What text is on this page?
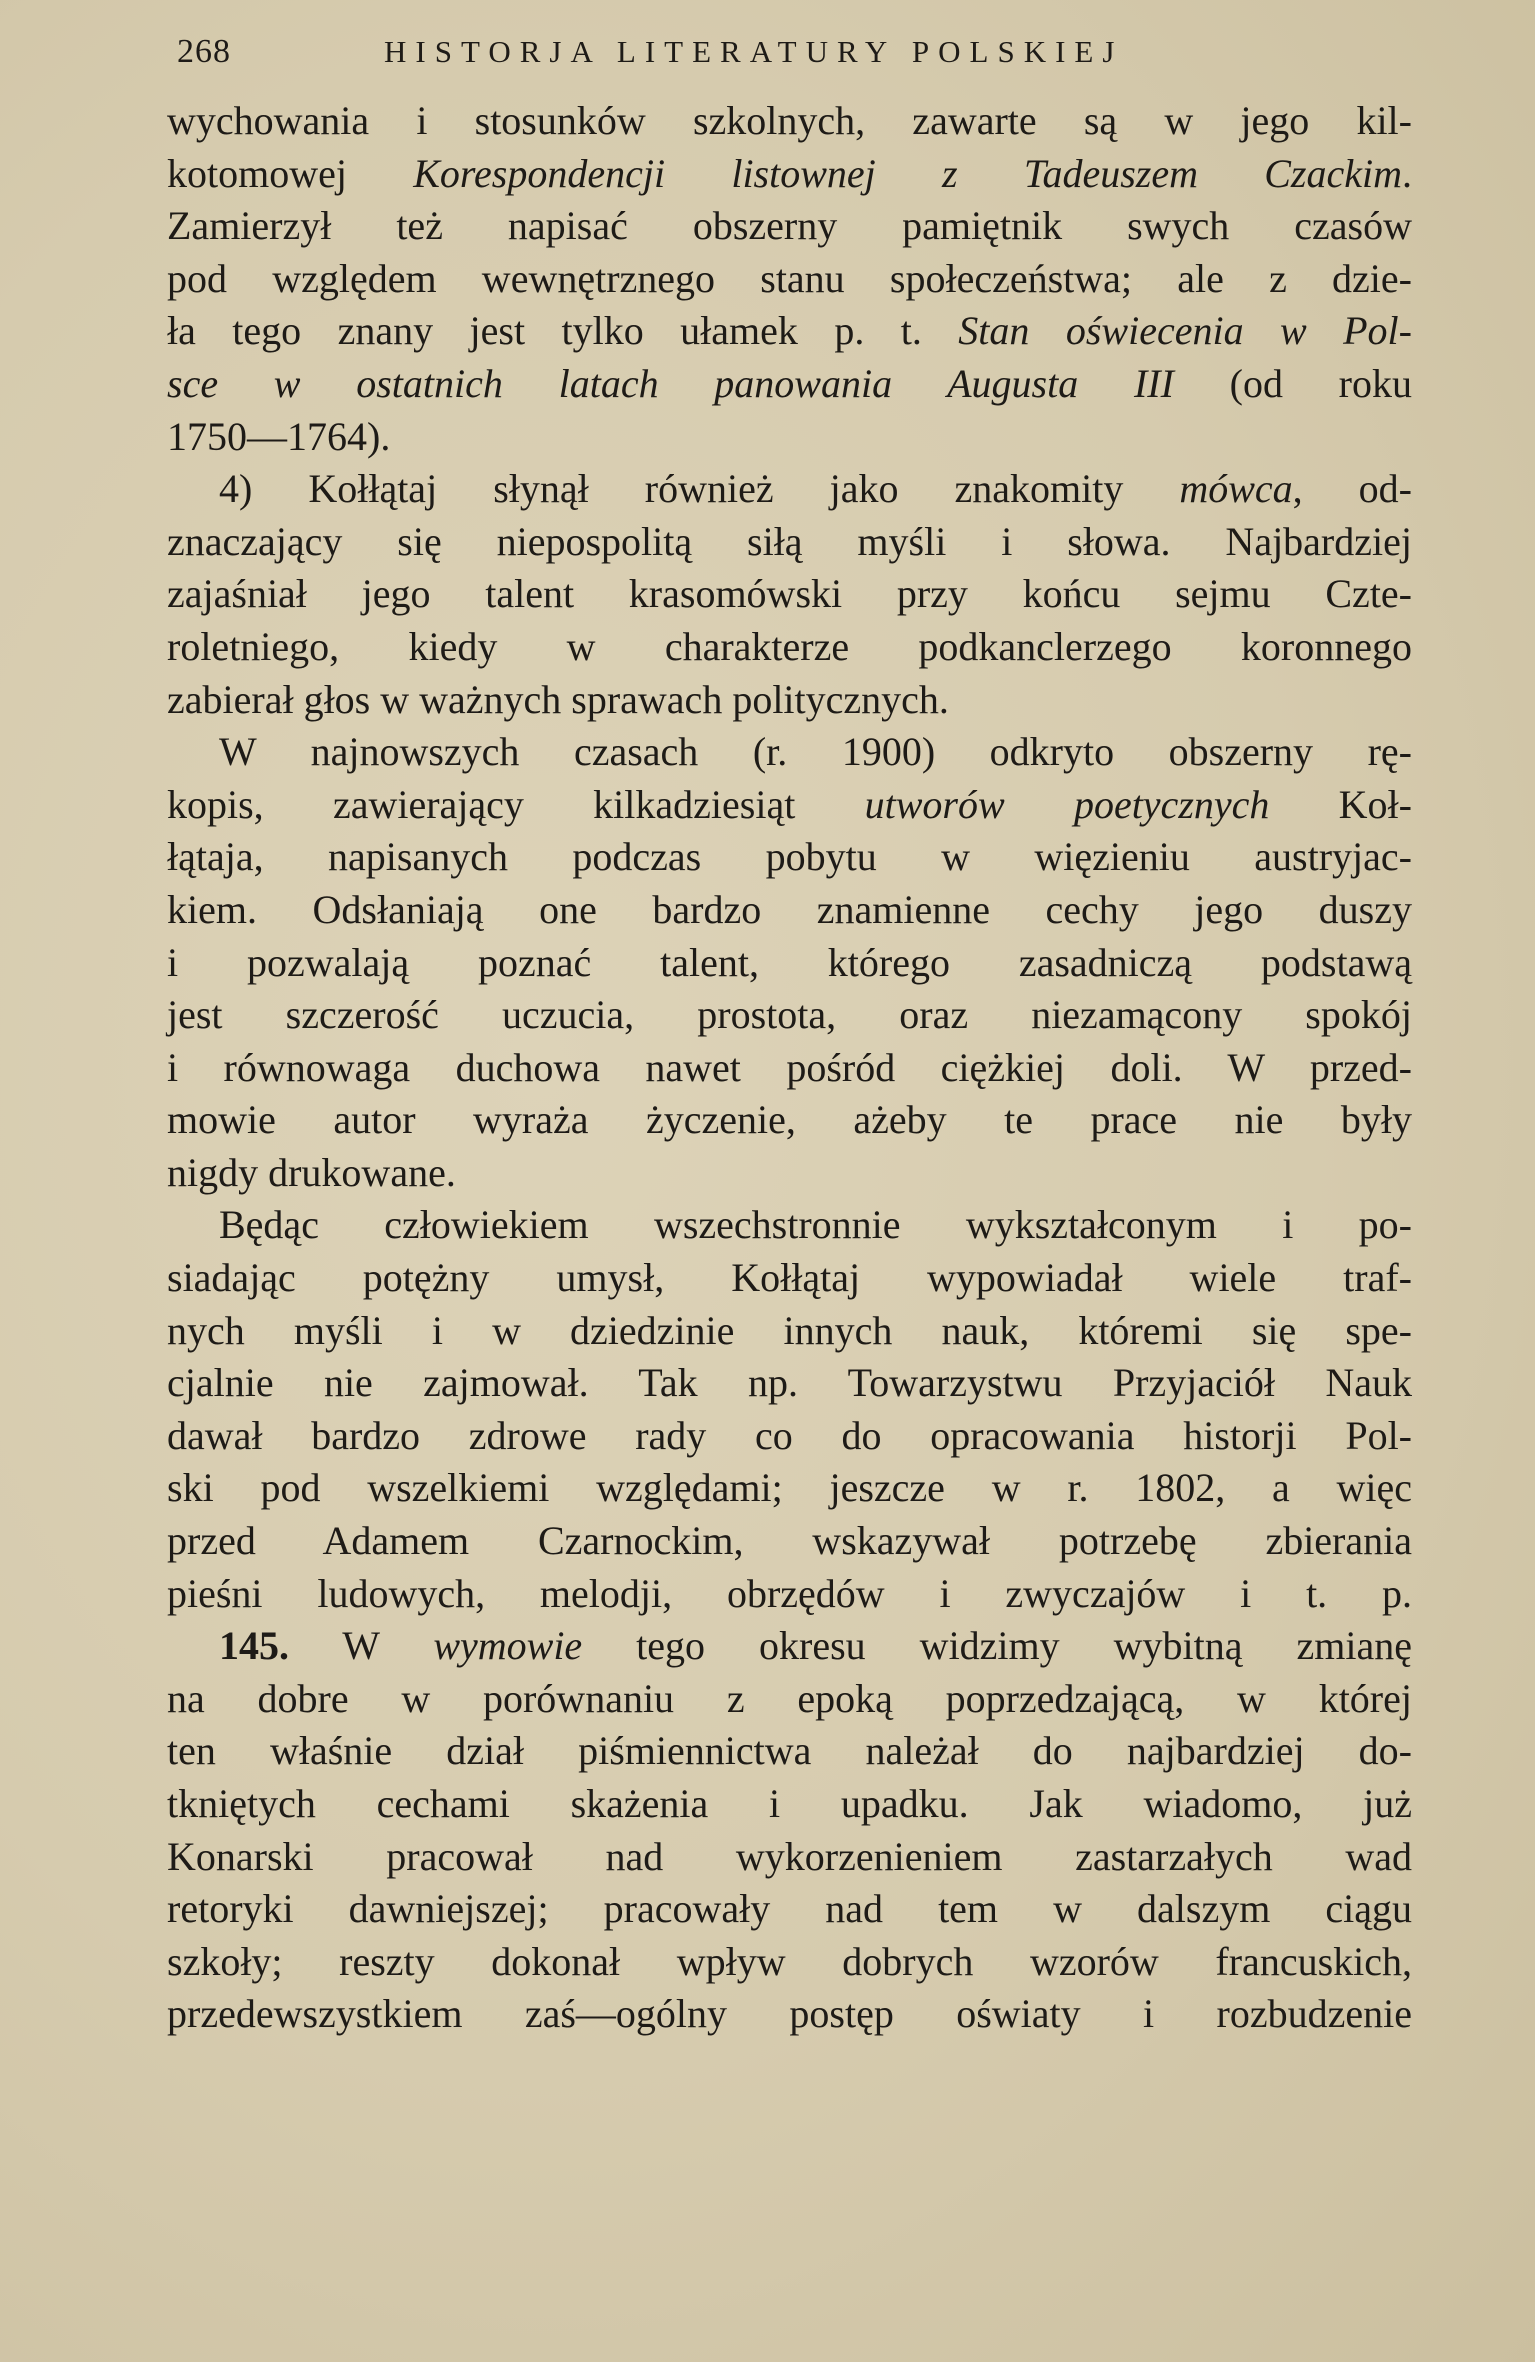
268	HISTORJA LITERATURY POLSKIEJ
wychowania i stosunków szkolnych, zawarte są w jego kil-
kotomowej Korespondencji listownej z Tadeuszem Czackim.
Zamierzył też napisać obszerny pamiętnik swych czasów
pod względem wewnętrznego stanu społeczeństwa; ale z dzie-
ła tego znany jest tylko ułamek p. t. Stan oświecenia w Pol-
sce w ostatnich latach panowania Augusta III (od roku
1750—1764).
4) Kołłątaj słynął również jako znakomity mówca, od-
znaczający się niepospolitą siłą myśli i słowa. Najbardziej
zajaśniał jego talent krasomówski przy końcu sejmu Czte-
roletniego, kiedy w charakterze podkanclerzego koronnego
zabierał głos w ważnych sprawach politycznych.
W najnowszych czasach (r. 1900) odkryto obszerny rę-
kopis, zawierający kilkadziesiąt utworów poetycznych Koł-
łątaja, napisanych podczas pobytu w więzieniu austryjac-
kiem. Odsłaniają one bardzo znamienne cechy jego duszy
i pozwalają poznać talent, którego zasadniczą podstawą
jest szczerość uczucia, prostota, oraz niezamącony spokój
i równowaga duchowa nawet pośród ciężkiej doli. W przed-
mowie autor wyraża życzenie, ażeby te prace nie były
nigdy drukowane.
Będąc człowiekiem wszechstronnie wykształconym i po-
siadając potężny umysł, Kołłątaj wypowiadał wiele traf-
nych myśli i w dziedzinie innych nauk, któremi się spe-
cjalnie nie zajmował. Tak np. Towarzystwu Przyjaciół Nauk
dawał bardzo zdrowe rady co do opracowania historji Pol-
ski pod wszelkiemi względami; jeszcze w r. 1802, a więc
przed Adamem Czarnockim, wskazywał potrzebę zbierania
pieśni ludowych, melodji, obrzędów i zwyczajów i t. p.
145. W wymowie tego okresu widzimy wybitną zmianę
na dobre w porównaniu z epoką poprzedzającą, w której
ten właśnie dział piśmiennictwa należał do najbardziej do-
tkniętych cechami skażenia i upadku. Jak wiadomo, już
Konarski pracował nad wykorzenieniem zastarzałych wad
retoryki dawniejszej; pracowały nad tem w dalszym ciągu
szkoły; reszty dokonał wpływ dobrych wzorów francuskich,
przedewszystkiem zaś—ogólny postęp oświaty i rozbudzenie
